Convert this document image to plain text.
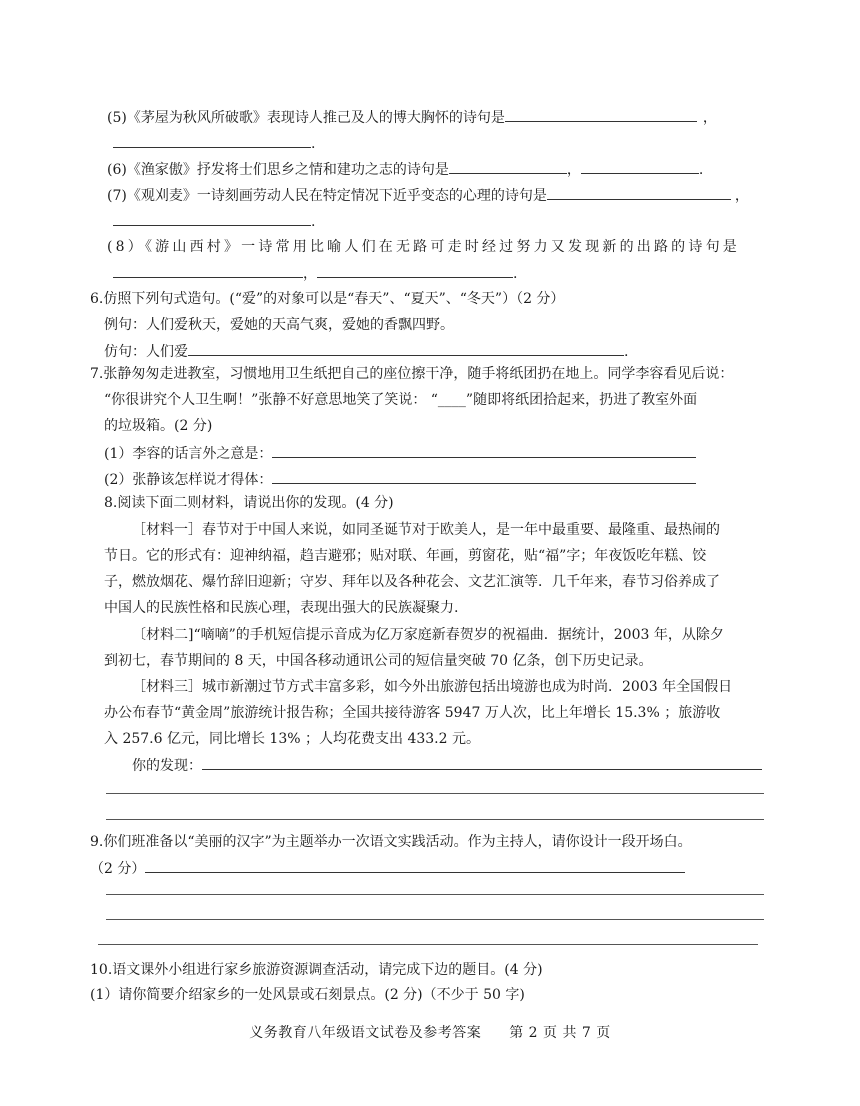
(5)《茅屋为秋风所破歌》表现诗人推己及人的博大胸怀的诗句是	，
.
(6)《渔家傲》抒发将士们思乡之情和建功之志的诗句是	，	.
(7)《观刈麦》一诗刻画劳动人民在特定情况下近乎变态的心理的诗句是	，
.
(8）《游山西村》一诗常用比喻人们在无路可走时经过努力又发现新的出路的诗句是
，	.
6.仿照下列句式造句。(“爱”的对象可以是“春天”、“夏天”、“冬天”）（2 分）
例句：人们爱秋天，爱她的天高气爽，爱她的香飘四野。
仿句：人们爱	.
7.张静匆匆走进教室，习惯地用卫生纸把自己的座位擦干净，随手将纸团扔在地上。同学李容看见后说：
“你很讲究个人卫生啊！”张静不好意思地笑了笑说： “____”随即将纸团拾起来，扔进了教室外面
的垃圾箱。(2 分)
(1）李容的话言外之意是：
(2）张静该怎样说才得体：
8.阅读下面二则材料，请说出你的发现。(4 分)
［材料一］春节对于中国人来说，如同圣诞节对于欧美人，是一年中最重要、最隆重、最热闹的
节日。它的形式有：迎神纳福，趋吉避邪；贴对联、年画，剪窗花，贴“福”字；年夜饭吃年糕、饺
子，燃放烟花、爆竹辞旧迎新；守岁、拜年以及各种花会、文艺汇演等．几千年来，春节习俗养成了
中国人的民族性格和民族心理，表现出强大的民族凝聚力.
〔材料二]“嘀嘀”的手机短信提示音成为亿万家庭新春贺岁的祝福曲．据统计，2003 年，从除夕
到初七，春节期间的 8 天，中国各移动通讯公司的短信量突破 70 亿条，创下历史记录。
［材料三］城市新潮过节方式丰富多彩，如今外出旅游包括出境游也成为时尚．2003 年全国假日
办公布春节“黄金周”旅游统计报告称；全国共接待游客 5947 万人次，比上年增长 15.3% ；旅游收
入 257.6 亿元，同比增长 13% ；人均花费支出 433.2 元。
你的发现：
9.你们班准备以“美丽的汉字”为主题举办一次语文实践活动。作为主持人，请你设计一段开场白。
（2 分）
10.语文课外小组进行家乡旅游资源调查活动，请完成下边的题目。(4 分)
(1）请你简要介绍家乡的一处风景或石刻景点。(2 分)（不少于 50 字)
义务教育八年级语文试卷及参考答案 第 2 页 共 7 页
